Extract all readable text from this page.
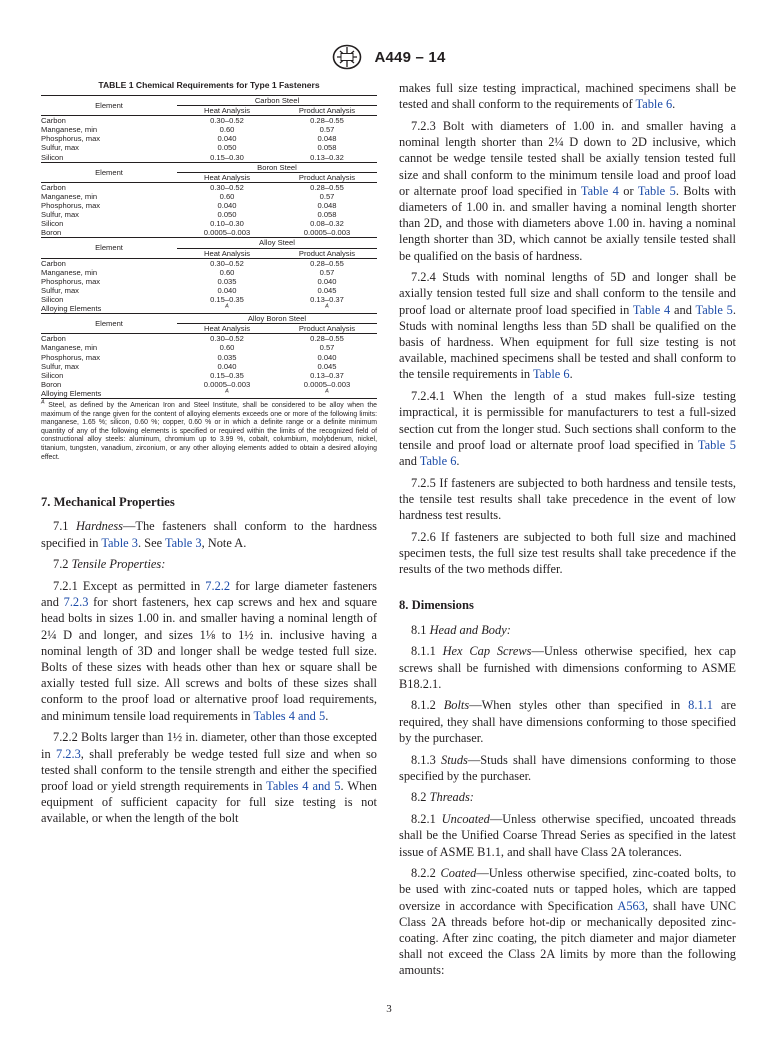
A449 – 14
TABLE 1 Chemical Requirements for Type 1 Fasteners
Element	Carbon Steel	
	Heat Analysis	Product Analysis
Carbon	0.30–0.52	0.28–0.55
Manganese, min	0.60	0.57
Phosphorus, max	0.040	0.048
Sulfur, max	0.050	0.058
Silicon	0.15–0.30	0.13–0.32
Element	Boron Steel	
	Heat Analysis	Product Analysis
Carbon	0.30–0.52	0.28–0.55
Manganese, min	0.60	0.57
Phosphorus, max	0.040	0.048
Sulfur, max	0.050	0.058
Silicon	0.10–0.30	0.08–0.32
Boron	0.0005–0.003	0.0005–0.003
Element	Alloy Steel	
	Heat Analysis	Product Analysis
Carbon	0.30–0.52	0.28–0.55
Manganese, min	0.60	0.57
Phosphorus, max	0.035	0.040
Sulfur, max	0.040	0.045
Silicon	0.15–0.35	0.13–0.37
Alloying Elements	$^A$	$^A$
Element	Alloy Boron Steel	
	Heat Analysis	Product Analysis
Carbon	0.30–0.52	0.28–0.55
Manganese, min	0.60	0.57
Phosphorus, max	0.035	0.040
Sulfur, max	0.040	0.045
Silicon	0.15–0.35	0.13–0.37
Boron	0.0005–0.003	0.0005–0.003
Alloying Elements	$^A$	$^A$
$^A$ Steel, as defined by the American Iron and Steel Institute, shall be considered to be alloy when the maximum of the range given for the content of alloying elements exceeds one or more of the following limits: manganese, 1.65 %; silicon, 0.60 %; copper, 0.60 % or in which a definite range or a definite minimum quantity of any of the following elements is specified or required within the limits of the recognized field of constructional alloy steels: aluminum, chromium up to 3.99 %, cobalt, columbium, molybdenum, nickel, titanium, tungsten, vanadium, zirconium, or any other alloying elements added to obtain a desired alloying effect.
7. Mechanical Properties

7.1 Hardness—The fasteners shall conform to the hardness specified in Table 3. See Table 3, Note A.

7.2 Tensile Properties:

7.2.1 Except as permitted in 7.2.2 for large diameter fasteners and 7.2.3 for short fasteners, hex cap screws and hex and square head bolts in sizes 1.00 in. and smaller having a nominal length of 2¼ D and longer, and sizes 1⅛ to 1½ in. inclusive having a nominal length of 3D and longer shall be wedge tested full size. Bolts of these sizes with heads other than hex or square shall be axially tested full size. All screws and bolts of these sizes shall conform to the proof load or alternative proof load requirements, and minimum tensile load requirements in Tables 4 and 5.

7.2.2 Bolts larger than 1½ in. diameter, other than those excepted in 7.2.3, shall preferably be wedge tested full size and when so tested shall conform to the tensile strength and either the specified proof load or yield strength requirements in Tables 4 and 5. When equipment of sufficient capacity for full size testing is not available, or when the length of the bolt

makes full size testing impractical, machined specimens shall be tested and shall conform to the requirements of Table 6.

7.2.3 Bolt with diameters of 1.00 in. and smaller having a nominal length shorter than 2¼ D down to 2D inclusive, which cannot be wedge tensile tested shall be axially tension tested full size and shall conform to the minimum tensile load and proof load or alternate proof load specified in Table 4 or Table 5. Bolts with diameters of 1.00 in. and smaller having a nominal length shorter than 2D, and those with diameters above 1.00 in. having a nominal length shorter than 3D, which cannot be axially tensile tested shall be qualified on the basis of hardness.

7.2.4 Studs with nominal lengths of 5D and longer shall be axially tension tested full size and shall conform to the tensile and proof load or alternate proof load specified in Table 4 and Table 5. Studs with nominal lengths less than 5D shall be qualified on the basis of hardness. When equipment for full size testing is not available, machined specimens shall be tested and shall conform to the tensile requirements in Table 6.

7.2.4.1 When the length of a stud makes full-size testing impractical, it is permissible for manufacturers to test a full-sized section cut from the longer stud. Such sections shall conform to the tensile and proof load or alternate proof load specified in Table 5 and Table 6.

7.2.5 If fasteners are subjected to both hardness and tensile tests, the tensile test results shall take precedence in the event of low hardness test results.

7.2.6 If fasteners are subjected to both full size and machined specimen tests, the full size test results shall take precedence if the results of the two methods differ.

8. Dimensions

8.1 Head and Body:

8.1.1 Hex Cap Screws—Unless otherwise specified, hex cap screws shall be furnished with dimensions conforming to ASME B18.2.1.

8.1.2 Bolts—When styles other than specified in 8.1.1 are required, they shall have dimensions conforming to those specified by the purchaser.

8.1.3 Studs—Studs shall have dimensions conforming to those specified by the purchaser.

8.2 Threads:

8.2.1 Uncoated—Unless otherwise specified, uncoated threads shall be the Unified Coarse Thread Series as specified in the latest issue of ASME B1.1, and shall have Class 2A tolerances.

8.2.2 Coated—Unless otherwise specified, zinc-coated bolts, to be used with zinc-coated nuts or tapped holes, which are tapped oversize in accordance with Specification A563, shall have UNC Class 2A threads before hot-dip or mechanically deposited zinc-coating. After zinc coating, the pitch diameter and major diameter shall not exceed the Class 2A limits by more than the following amounts:

3
